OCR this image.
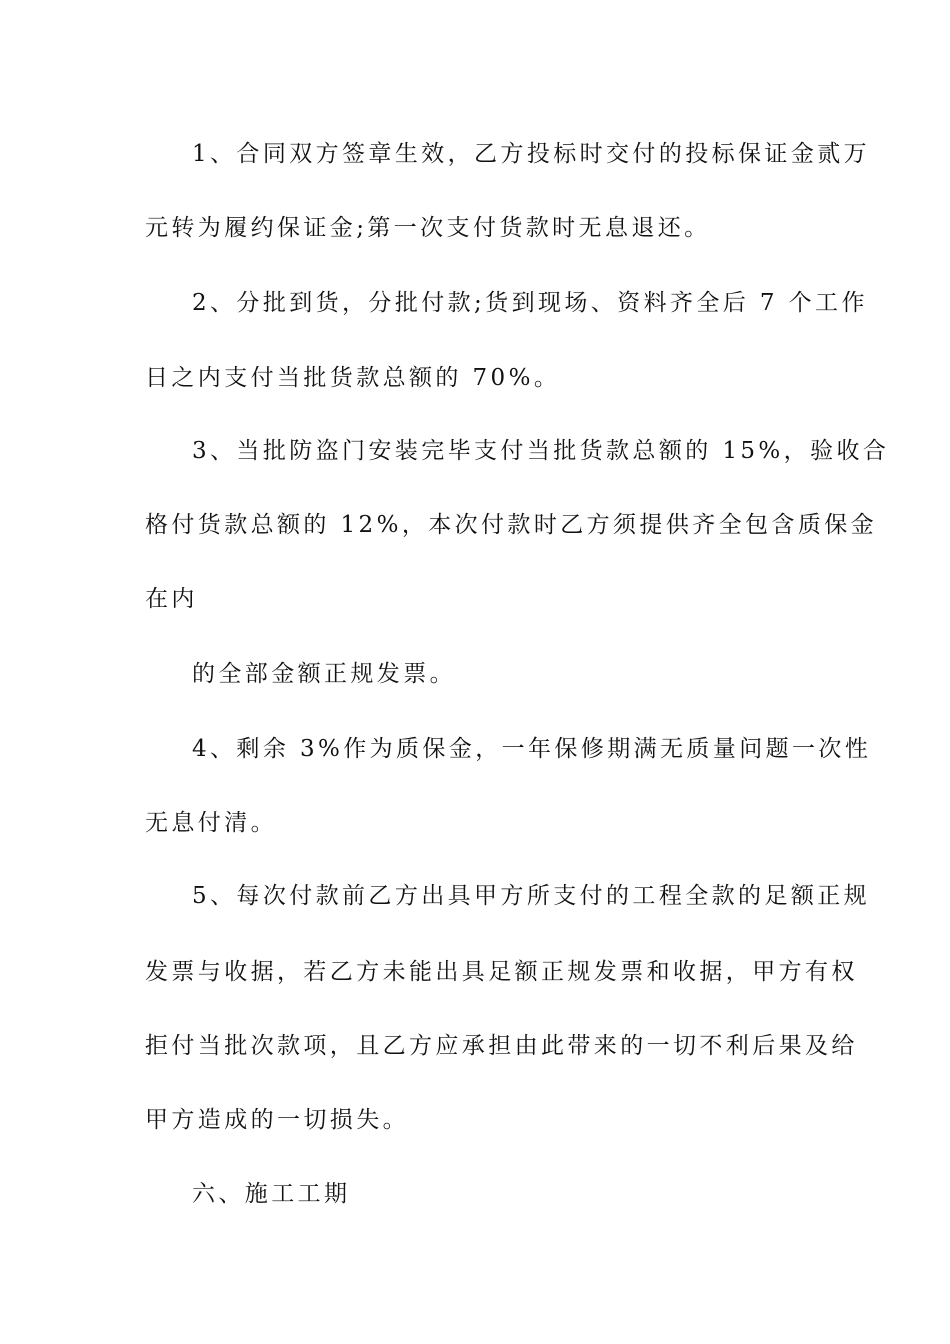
1、合同双方签章生效，乙方投标时交付的投标保证金贰万
元转为履约保证金;第一次支付货款时无息退还。
2、分批到货，分批付款;货到现场、资料齐全后 7 个工作
日之内支付当批货款总额的 70%。
3、当批防盗门安装完毕支付当批货款总额的 15%，验收合
格付货款总额的 12%，本次付款时乙方须提供齐全包含质保金
在内
的全部金额正规发票。
4、剩余 3%作为质保金，一年保修期满无质量问题一次性
无息付清。
5、每次付款前乙方出具甲方所支付的工程全款的足额正规
发票与收据，若乙方未能出具足额正规发票和收据，甲方有权
拒付当批次款项，且乙方应承担由此带来的一切不利后果及给
甲方造成的一切损失。
六、施工工期
